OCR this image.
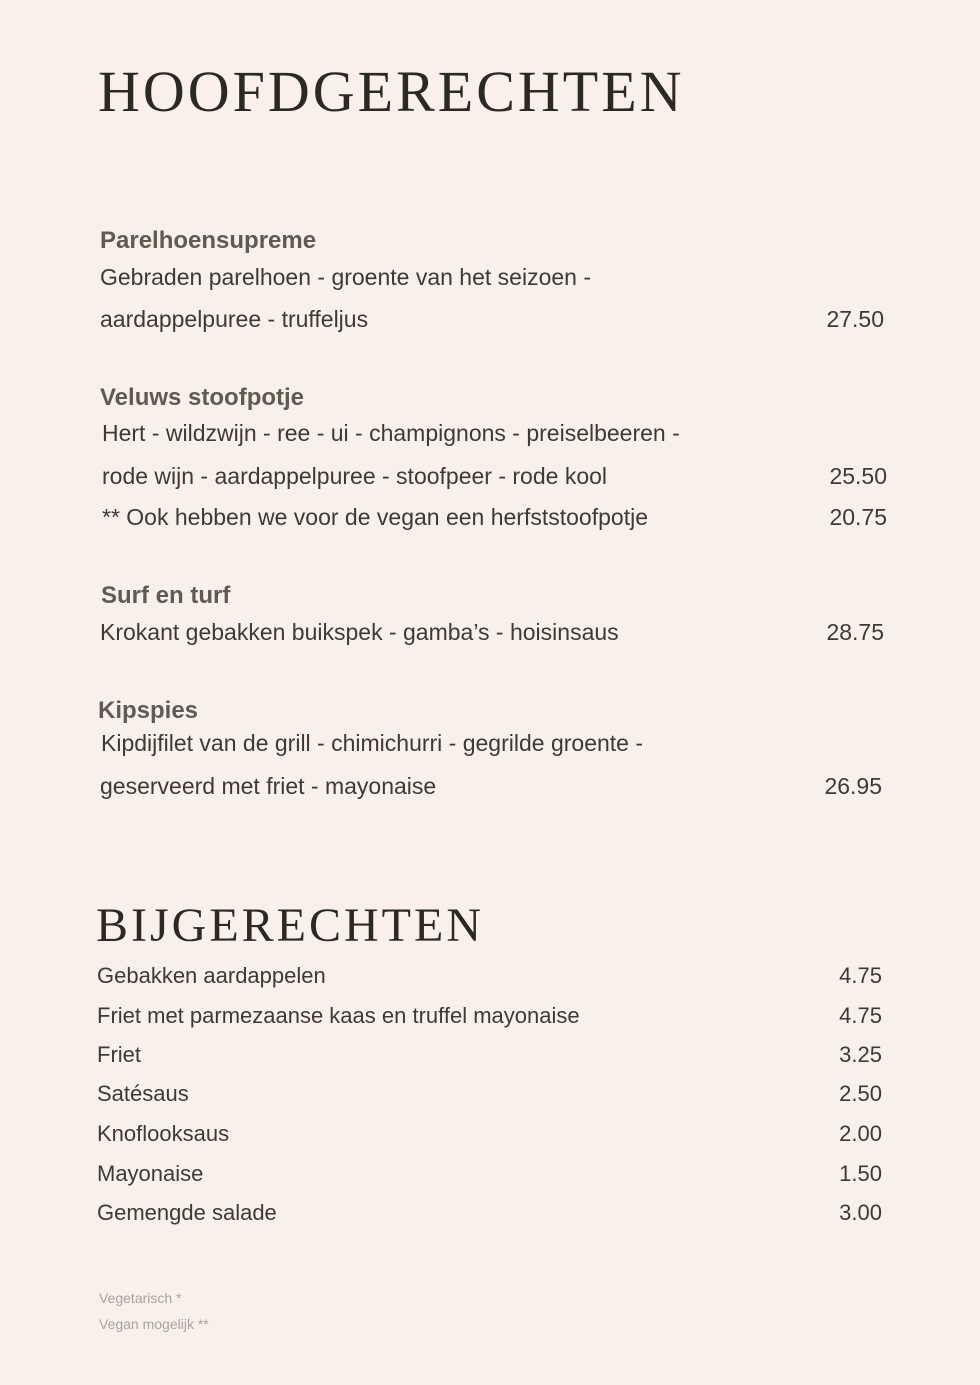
HOOFDGERECHTEN
Parelhoensupreme
Gebraden parelhoen - groente van het seizoen -
aardappelpuree - truffeljus	27.50
Veluws stoofpotje
Hert - wildzwijn - ree - ui - champignons - preiselbeeren -
rode wijn - aardappelpuree - stoofpeer - rode kool	25.50
** Ook hebben we voor de vegan een herfststoofpotje	20.75
Surf en turf
Krokant gebakken buikspek - gamba’s - hoisinsaus	28.75
Kipspies
Kipdijfilet van de grill - chimichurri - gegrilde groente -
geserveerd met friet - mayonaise	26.95
BIJGERECHTEN
Gebakken aardappelen	4.75
Friet met parmezaanse kaas en truffel mayonaise	4.75
Friet	3.25
Satésaus	2.50
Knoflooksaus	2.00
Mayonaise	1.50
Gemengde salade	3.00
Vegetarisch *
Vegan mogelijk **
